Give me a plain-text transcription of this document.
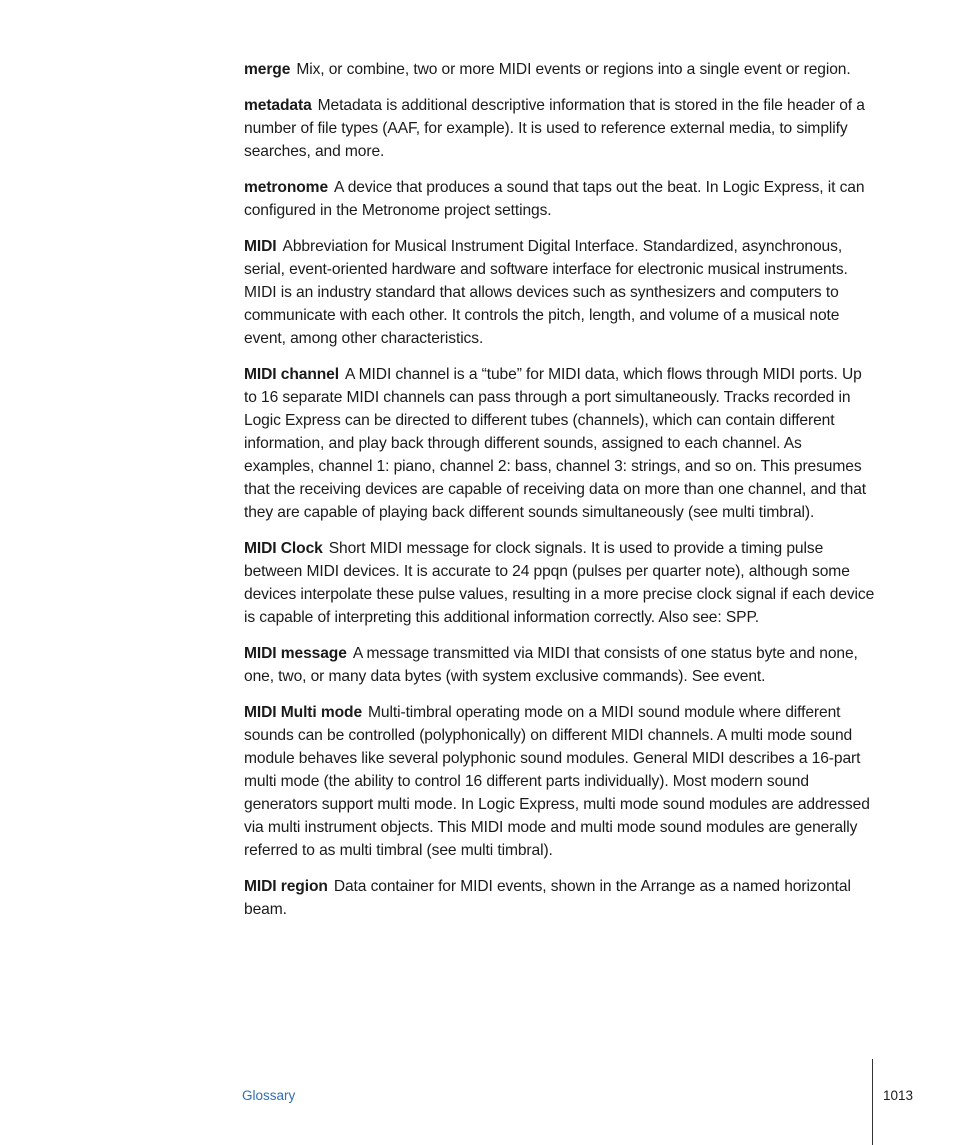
merge Mix, or combine, two or more MIDI events or regions into a single event or region.

metadata Metadata is additional descriptive information that is stored in the file header of a number of file types (AAF, for example). It is used to reference external media, to simplify searches, and more.

metronome A device that produces a sound that taps out the beat. In Logic Express, it can configured in the Metronome project settings.

MIDI Abbreviation for Musical Instrument Digital Interface. Standardized, asynchronous, serial, event-oriented hardware and software interface for electronic musical instruments. MIDI is an industry standard that allows devices such as synthesizers and computers to communicate with each other. It controls the pitch, length, and volume of a musical note event, among other characteristics.

MIDI channel A MIDI channel is a “tube” for MIDI data, which flows through MIDI ports. Up to 16 separate MIDI channels can pass through a port simultaneously. Tracks recorded in Logic Express can be directed to different tubes (channels), which can contain different information, and play back through different sounds, assigned to each channel. As examples, channel 1: piano, channel 2: bass, channel 3: strings, and so on. This presumes that the receiving devices are capable of receiving data on more than one channel, and that they are capable of playing back different sounds simultaneously (see multi timbral).

MIDI Clock Short MIDI message for clock signals. It is used to provide a timing pulse between MIDI devices. It is accurate to 24 ppqn (pulses per quarter note), although some devices interpolate these pulse values, resulting in a more precise clock signal if each device is capable of interpreting this additional information correctly. Also see: SPP.

MIDI message A message transmitted via MIDI that consists of one status byte and none, one, two, or many data bytes (with system exclusive commands). See event.

MIDI Multi mode Multi-timbral operating mode on a MIDI sound module where different sounds can be controlled (polyphonically) on different MIDI channels. A multi mode sound module behaves like several polyphonic sound modules. General MIDI describes a 16-part multi mode (the ability to control 16 different parts individually). Most modern sound generators support multi mode. In Logic Express, multi mode sound modules are addressed via multi instrument objects. This MIDI mode and multi mode sound modules are generally referred to as multi timbral (see multi timbral).

MIDI region Data container for MIDI events, shown in the Arrange as a named horizontal beam.

Glossary	1013
